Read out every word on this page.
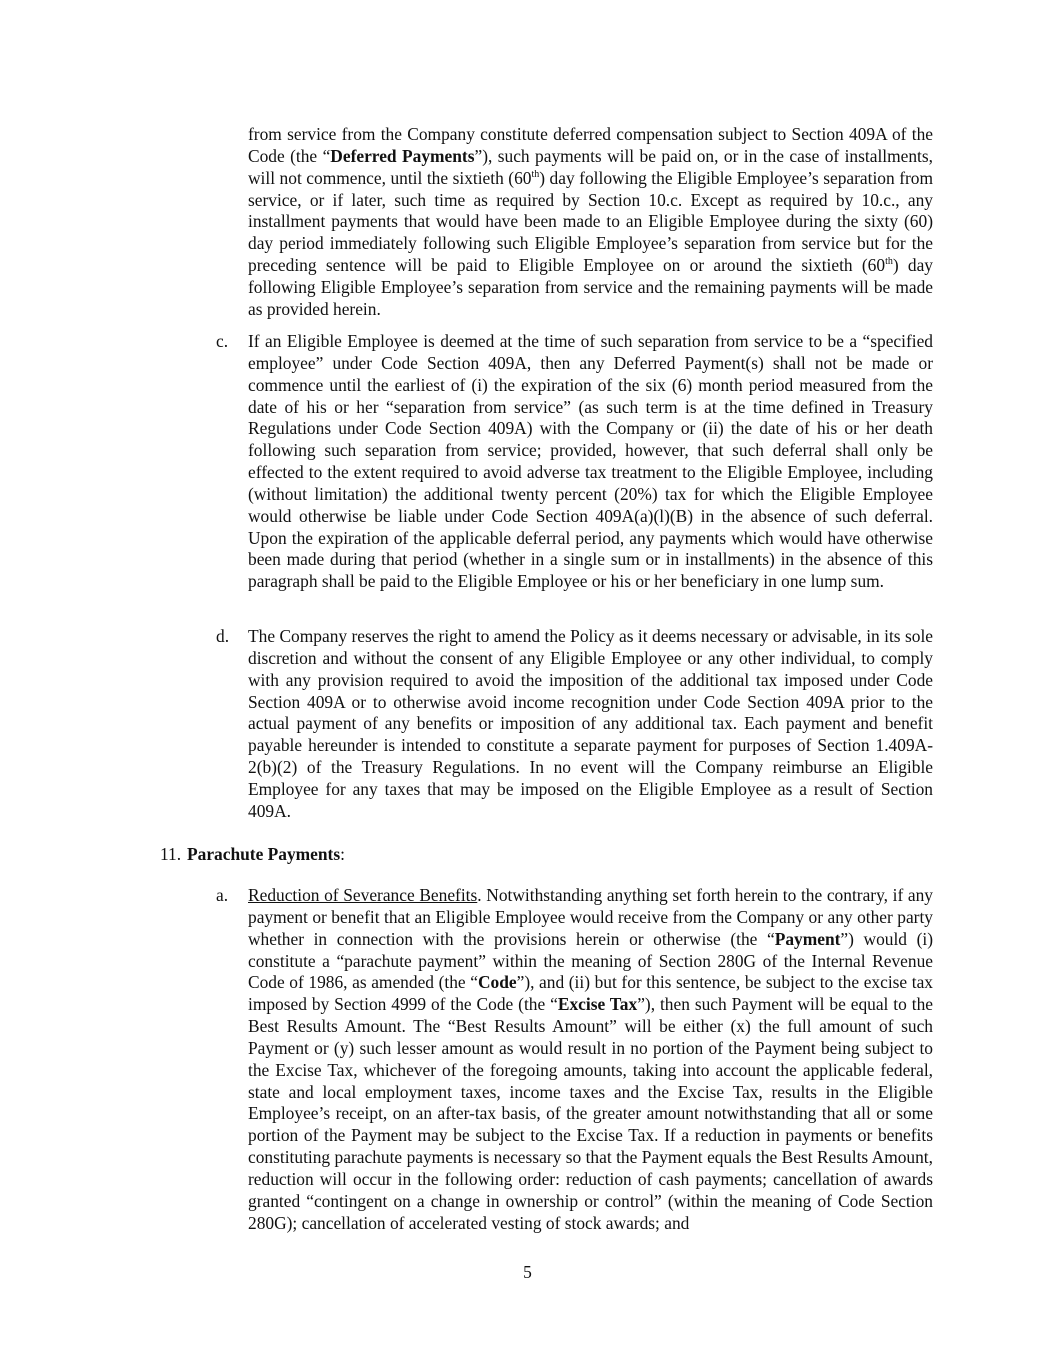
from service from the Company constitute deferred compensation subject to Section 409A of the Code (the “Deferred Payments”), such payments will be paid on, or in the case of installments, will not commence, until the sixtieth (60th) day following the Eligible Employee’s separation from service, or if later, such time as required by Section 10.c. Except as required by 10.c., any installment payments that would have been made to an Eligible Employee during the sixty (60) day period immediately following such Eligible Employee’s separation from service but for the preceding sentence will be paid to Eligible Employee on or around the sixtieth (60th) day following Eligible Employee’s separation from service and the remaining payments will be made as provided herein.
c. If an Eligible Employee is deemed at the time of such separation from service to be a “specified employee” under Code Section 409A, then any Deferred Payment(s) shall not be made or commence until the earliest of (i) the expiration of the six (6) month period measured from the date of his or her “separation from service” (as such term is at the time defined in Treasury Regulations under Code Section 409A) with the Company or (ii) the date of his or her death following such separation from service; provided, however, that such deferral shall only be effected to the extent required to avoid adverse tax treatment to the Eligible Employee, including (without limitation) the additional twenty percent (20%) tax for which the Eligible Employee would otherwise be liable under Code Section 409A(a)(l)(B) in the absence of such deferral. Upon the expiration of the applicable deferral period, any payments which would have otherwise been made during that period (whether in a single sum or in installments) in the absence of this paragraph shall be paid to the Eligible Employee or his or her beneficiary in one lump sum.
d. The Company reserves the right to amend the Policy as it deems necessary or advisable, in its sole discretion and without the consent of any Eligible Employee or any other individual, to comply with any provision required to avoid the imposition of the additional tax imposed under Code Section 409A or to otherwise avoid income recognition under Code Section 409A prior to the actual payment of any benefits or imposition of any additional tax. Each payment and benefit payable hereunder is intended to constitute a separate payment for purposes of Section 1.409A-2(b)(2) of the Treasury Regulations. In no event will the Company reimburse an Eligible Employee for any taxes that may be imposed on the Eligible Employee as a result of Section 409A.
11. Parachute Payments:
a. Reduction of Severance Benefits. Notwithstanding anything set forth herein to the contrary, if any payment or benefit that an Eligible Employee would receive from the Company or any other party whether in connection with the provisions herein or otherwise (the “Payment”) would (i) constitute a “parachute payment” within the meaning of Section 280G of the Internal Revenue Code of 1986, as amended (the “Code”), and (ii) but for this sentence, be subject to the excise tax imposed by Section 4999 of the Code (the “Excise Tax”), then such Payment will be equal to the Best Results Amount. The “Best Results Amount” will be either (x) the full amount of such Payment or (y) such lesser amount as would result in no portion of the Payment being subject to the Excise Tax, whichever of the foregoing amounts, taking into account the applicable federal, state and local employment taxes, income taxes and the Excise Tax, results in the Eligible Employee’s receipt, on an after-tax basis, of the greater amount notwithstanding that all or some portion of the Payment may be subject to the Excise Tax. If a reduction in payments or benefits constituting parachute payments is necessary so that the Payment equals the Best Results Amount, reduction will occur in the following order: reduction of cash payments; cancellation of awards granted “contingent on a change in ownership or control” (within the meaning of Code Section 280G); cancellation of accelerated vesting of stock awards; and
5
